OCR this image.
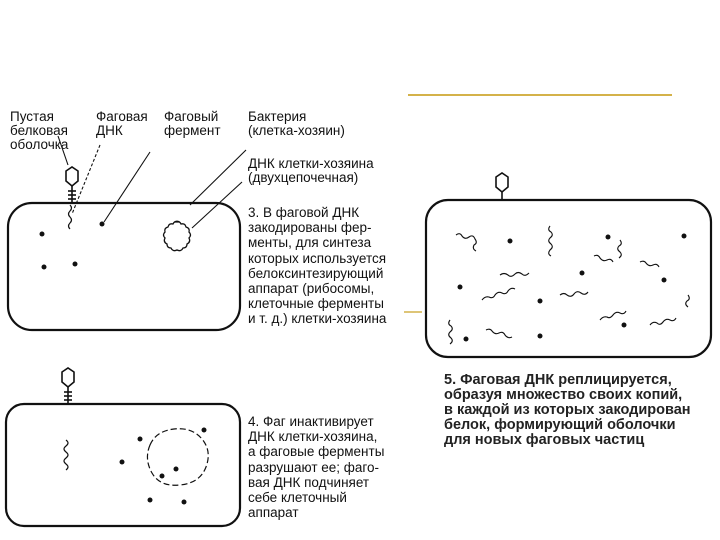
Пустая
белковая
оболочка
Фаговая
ДНК
Фаговый
фермент
Бактерия
(клетка-хозяин)
ДНК клетки-хозяина
(двухцепочечная)
3. В фаговой ДНК
закодированы фер-
менты, для синтеза
которых используется
белоксинтезирующий
аппарат (рибосомы,
клеточные ферменты
и т. д.) клетки-хозяина
4. Фаг инактивирует
ДНК клетки-хозяина,
а фаговые ферменты
разрушают ее; фаго-
вая ДНК подчиняет
себе клеточный
аппарат
5. Фаговая ДНК реплицируется,
образуя множество своих копий,
в каждой из которых закодирован
белок, формирующий оболочки
для новых фаговых частиц
